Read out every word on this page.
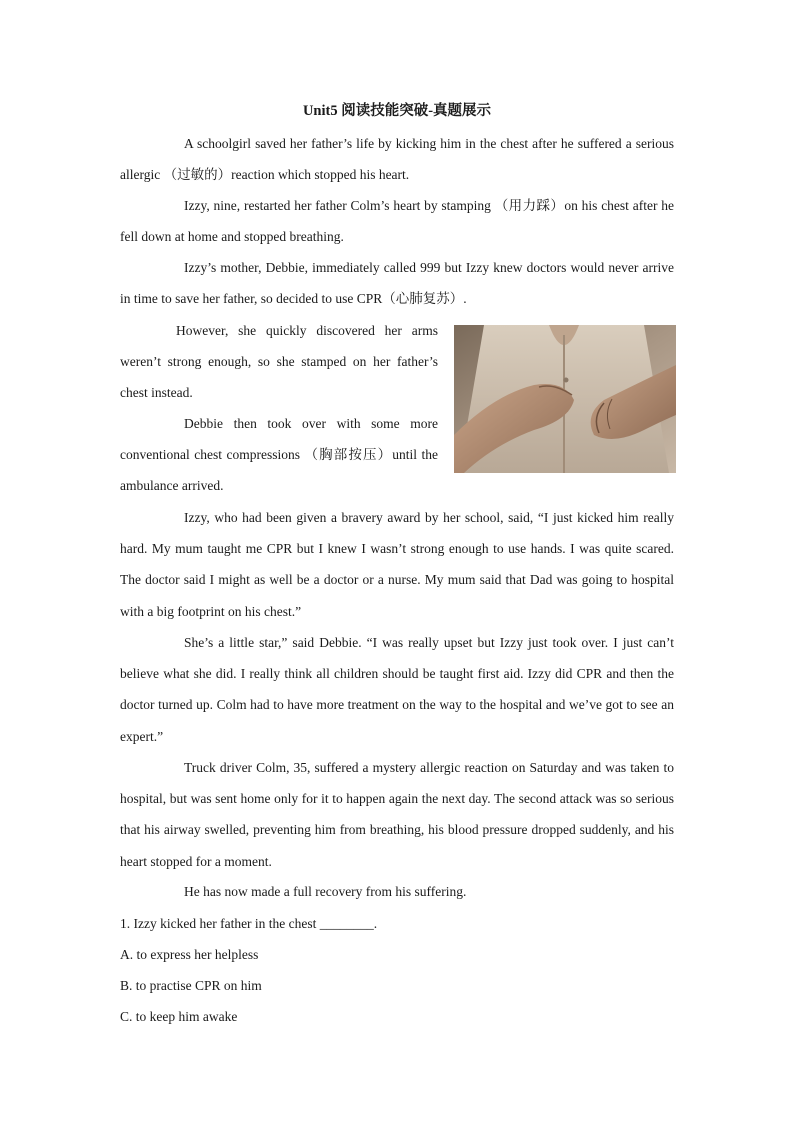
Unit5 阅读技能突破-真题展示

A schoolgirl saved her father’s life by kicking him in the chest after he suffered a serious allergic （过敏的）reaction which stopped his heart.

Izzy, nine, restarted her father Colm’s heart by stamping （用力踩）on his chest after he fell down at home and stopped breathing.

Izzy’s mother, Debbie, immediately called 999 but Izzy knew doctors would never arrive in time to save her father, so decided to use CPR（心肺复苏）.

However, she quickly discovered her arms weren’t strong enough, so she stamped on her father’s chest instead.

Debbie then took over with some more conventional chest compressions （胸部按压）until the ambulance arrived.

Izzy, who had been given a bravery award by her school, said, “I just kicked him really hard. My mum taught me CPR but I knew I wasn’t strong enough to use hands. I was quite scared. The doctor said I might as well be a doctor or a nurse. My mum said that Dad was going to hospital with a big footprint on his chest.”

She’s a little star,” said Debbie. “I was really upset but Izzy just took over. I just can’t believe what she did. I really think all children should be taught first aid. Izzy did CPR and then the doctor turned up. Colm had to have more treatment on the way to the hospital and we’ve got to see an expert.”

Truck driver Colm, 35, suffered a mystery allergic reaction on Saturday and was taken to hospital, but was sent home only for it to happen again the next day. The second attack was so serious that his airway swelled, preventing him from breathing, his blood pressure dropped suddenly, and his heart stopped for a moment.

He has now made a full recovery from his suffering.

1. Izzy kicked her father in the chest ________.

A. to express her helpless

B. to practise CPR on him

C. to keep him awake
